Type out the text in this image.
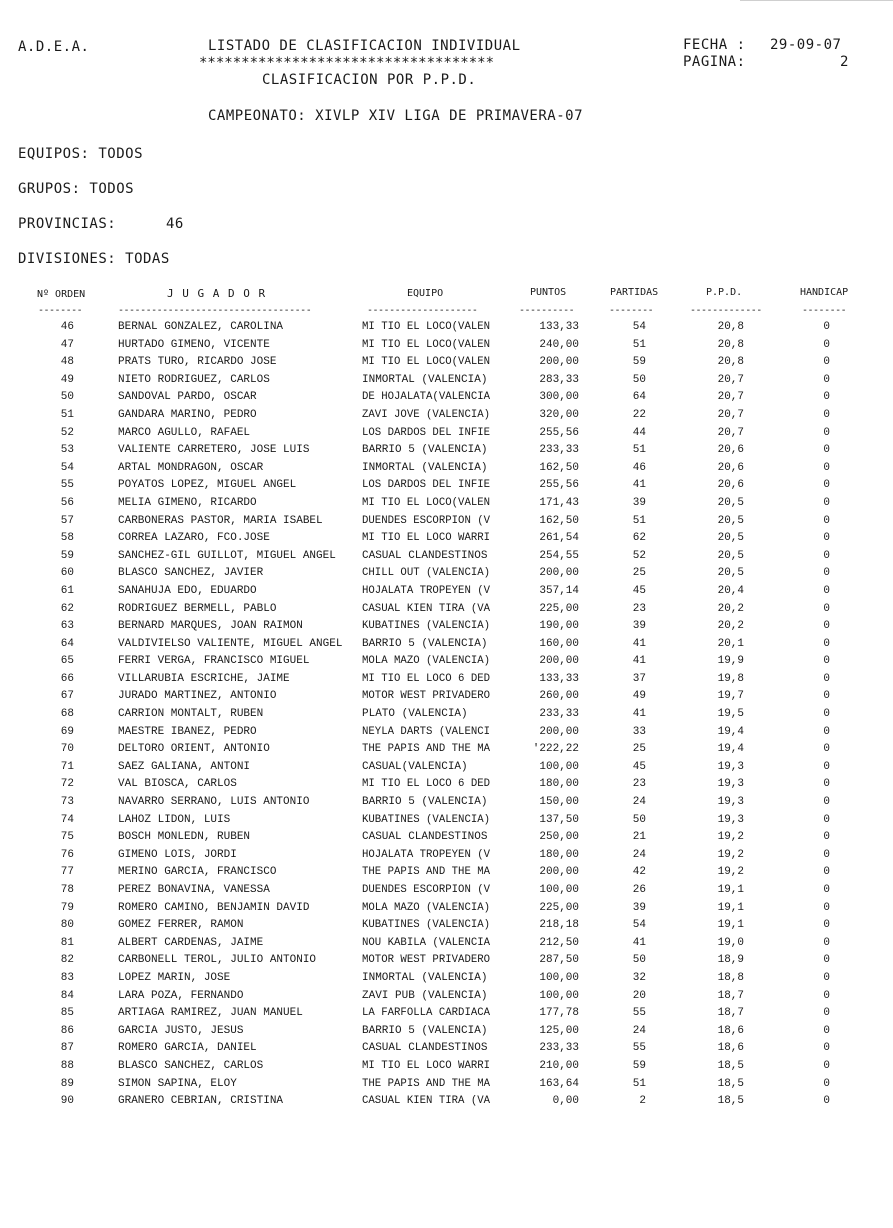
A.D.E.A.	LISTADO DE CLASIFICACION INDIVIDUAL
***********************************
CLASIFICACION POR P.P.D.
FECHA : 29-09-07
PAGINA:	2
CAMPEONATO: XIVLP XIV LIGA DE PRIMAVERA-07
EQUIPOS: TODOS
GRUPOS: TODOS
PROVINCIAS:	46
DIVISIONES: TODAS
Nº ORDEN	J U G A D O R	EQUIPO	PUNTOS	PARTIDAS	P.P.D.	HANDICAP
--------	-----------------------------------	--------------------	----------	--------	-------------	--------
46	BERNAL GONZALEZ, CAROLINA	MI TIO EL LOCO(VALEN	133,33	54	20,8	0
47	HURTADO GIMENO, VICENTE	MI TIO EL LOCO(VALEN	240,00	51	20,8	0
48	PRATS TURO, RICARDO JOSE	MI TIO EL LOCO(VALEN	200,00	59	20,8	0
49	NIETO RODRIGUEZ, CARLOS	INMORTAL (VALENCIA)	283,33	50	20,7	0
50	SANDOVAL PARDO, OSCAR	DE HOJALATA(VALENCIA	300,00	64	20,7	0
51	GANDARA MARIÑO, PEDRO	ZAVI JOVE (VALENCIA)	320,00	22	20,7	0
52	MARCO AGULLO, RAFAEL	LOS DARDOS DEL INFIE	255,56	44	20,7	0
53	VALIENTE CARRETERO, JOSE LUIS	BARRIO 5 (VALENCIA)	233,33	51	20,6	0
54	ARTAL MONDRAGON, OSCAR	INMORTAL (VALENCIA)	162,50	46	20,6	0
55	POYATOS LOPEZ, MIGUEL ANGEL	LOS DARDOS DEL INFIE	255,56	41	20,6	0
56	MELIA GIMENO, RICARDO	MI TIO EL LOCO(VALEN	171,43	39	20,5	0
57	CARBONERAS PASTOR, MARIA ISABEL	DUENDES ESCORPION (V	162,50	51	20,5	0
58	CORREA LAZARO, FCO.JOSE	MI TIO EL LOCO WARRI	261,54	62	20,5	0
59	SANCHEZ-GIL GUILLOT, MIGUEL ANGEL	CASUAL CLANDESTINOS	254,55	52	20,5	0
60	BLASCO SANCHEZ, JAVIER	CHILL OUT (VALENCIA)	200,00	25	20,5	0
61	SANAHUJA EDO, EDUARDO	HOJALATA TROPEYEN (V	357,14	45	20,4	0
62	RODRIGUEZ BERMELL, PABLO	CASUAL KIEN TIRA (VA	225,00	23	20,2	0
63	BERNARD MARQUES, JOAN RAIMON	KUBATINES (VALENCIA)	190,00	39	20,2	0
64	VALDIVIELSO VALIENTE, MIGUEL ANGEL	BARRIO 5 (VALENCIA)	160,00	41	20,1	0
65	FERRI VERGA, FRANCISCO MIGUEL	MOLA MAZO (VALENCIA)	200,00	41	19,9	0
66	VILLARUBIA ESCRICHE, JAIME	MI TIO EL LOCO 6 DED	133,33	37	19,8	0
67	JURADO MARTINEZ, ANTONIO	MOTOR WEST PRIVADERO	260,00	49	19,7	0
68	CARRION MONTALT, RUBEN	PLATO (VALENCIA)	233,33	41	19,5	0
69	MAESTRE IBAÑEZ, PEDRO	NEYLA DARTS (VALENCI	200,00	33	19,4	0
70	DELTORO ORIENT, ANTONIO	THE PAPIS AND THE MA	'222,22	25	19,4	0
71	SAEZ GALIANA, ANTONI	CASUAL(VALENCIA)	100,00	45	19,3	0
72	VAL BIOSCA, CARLOS	MI TIO EL LOCO 6 DED	180,00	23	19,3	0
73	NAVARRO SERRANO, LUIS ANTONIO	BARRIO 5 (VALENCIA)	150,00	24	19,3	0
74	LAHOZ LIDON, LUIS	KUBATINES (VALENCIA)	137,50	50	19,3	0
75	BOSCH MONLEDN, RUBEN	CASUAL CLANDESTINOS	250,00	21	19,2	0
76	GIMENO LOIS, JORDI	HOJALATA TROPEYEN (V	180,00	24	19,2	0
77	MERINO GARCIA, FRANCISCO	THE PAPIS AND THE MA	200,00	42	19,2	0
78	PEREZ BONAVIÑA, VANESSA	DUENDES ESCORPION (V	100,00	26	19,1	0
79	ROMERO CAMINO, BENJAMIN DAVID	MOLA MAZO (VALENCIA)	225,00	39	19,1	0
80	GOMEZ FERRER, RAMON	KUBATINES (VALENCIA)	218,18	54	19,1	0
81	ALBERT CARDENAS, JAIME	NOU KABILA (VALENCIA	212,50	41	19,0	0
82	CARBONELL TEROL, JULIO ANTONIO	MOTOR WEST PRIVADERO	287,50	50	18,9	0
83	LOPEZ MARIN, JOSE	INMORTAL (VALENCIA)	100,00	32	18,8	0
84	LARA POZA, FERNANDO	ZAVI PUB (VALENCIA)	100,00	20	18,7	0
85	ARTIAGA RAMIREZ, JUAN MANUEL	LA FARFOLLA CARDIACA	177,78	55	18,7	0
86	GARCIA JUSTO, JESUS	BARRIO 5 (VALENCIA)	125,00	24	18,6	0
87	ROMERO GARCIA, DANIEL	CASUAL CLANDESTINOS	233,33	55	18,6	0
88	BLASCO SANCHEZ, CARLOS	MI TIO EL LOCO WARRI	210,00	59	18,5	0
89	SIMON SAPIÑA, ELOY	THE PAPIS AND THE MA	163,64	51	18,5	0
90	GRANERO CEBRIAN, CRISTINA	CASUAL KIEN TIRA (VA	0,00	2	18,5	0
